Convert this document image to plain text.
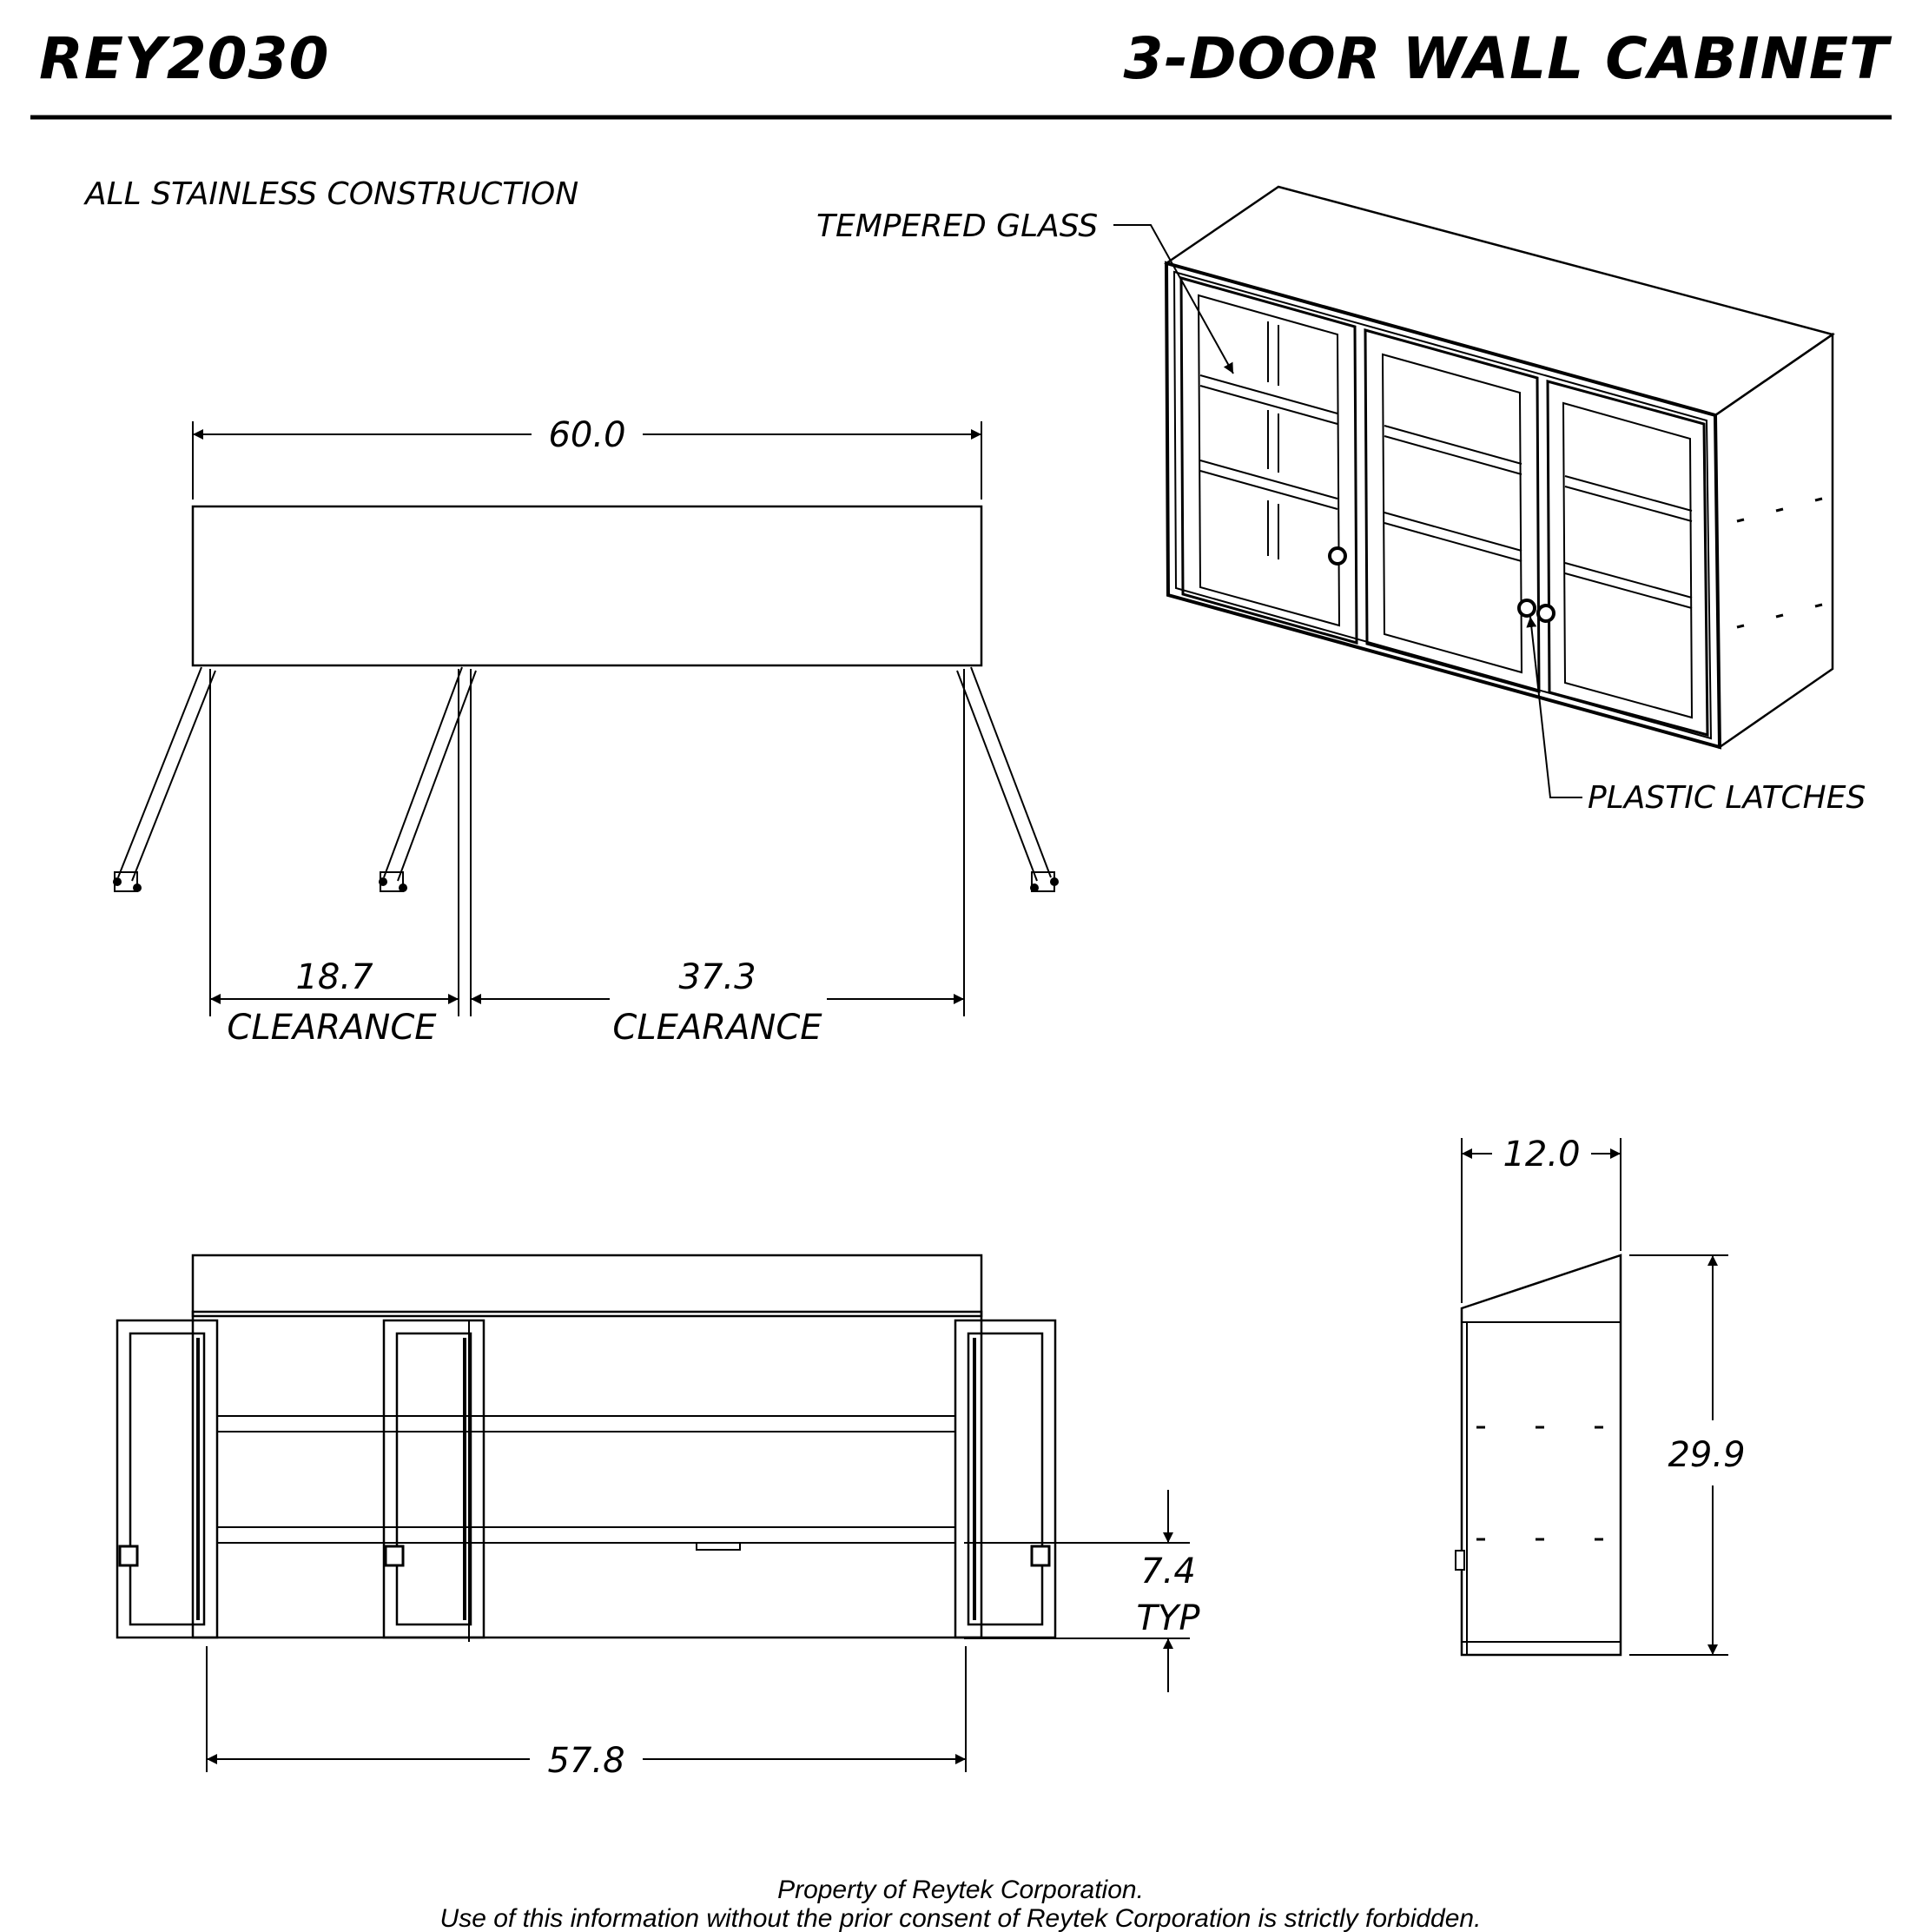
REY2030	3-DOOR WALL CABINET
ALL STAINLESS CONSTRUCTION
60.0
18.7
CLEARANCE
37.3
CLEARANCE
TEMPERED GLASS
PLASTIC LATCHES
57.8
7.4
TYP
12.0
29.9
Property of Reytek Corporation.
Use of this information without the prior consent of Reytek Corporation is strictly forbidden.
